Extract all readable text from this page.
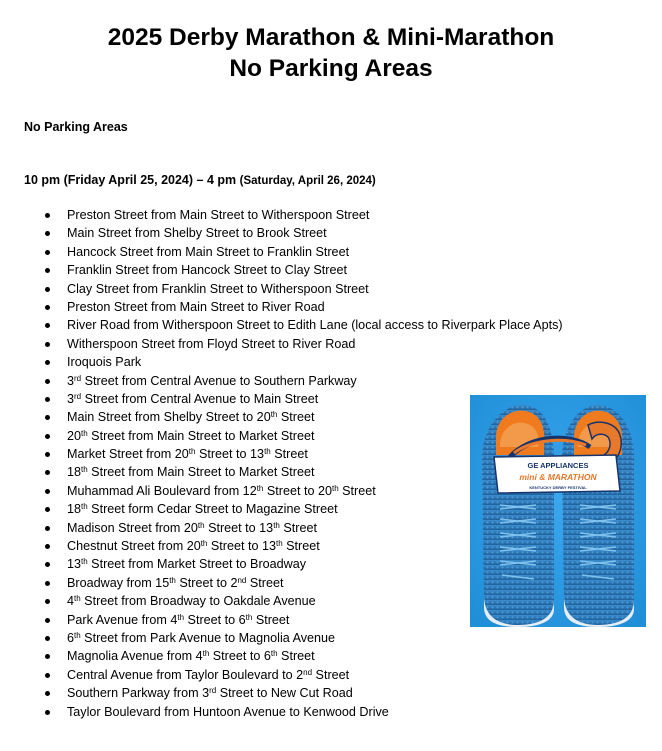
2025 Derby Marathon & Mini-Marathon
No Parking Areas
No Parking Areas
10 pm (Friday April 25, 2024) – 4 pm (Saturday, April 26, 2024)
Preston Street from Main Street to Witherspoon Street
Main Street from Shelby Street to Brook Street
Hancock Street from Main Street to Franklin Street
Franklin Street from Hancock Street to Clay Street
Clay Street from Franklin Street to Witherspoon Street
Preston Street from Main Street to River Road
River Road from Witherspoon Street to Edith Lane (local access to Riverpark Place Apts)
Witherspoon Street from Floyd Street to River Road
Iroquois Park
3rd Street from Central Avenue to Southern Parkway
3rd Street from Central Avenue to Main Street
Main Street from Shelby Street to 20th Street
20th Street from Main Street to Market Street
Market Street from 20th Street to 13th Street
18th Street from Main Street to Market Street
Muhammad Ali Boulevard from 12th Street to 20th Street
18th Street form Cedar Street to Magazine Street
Madison Street from 20th Street to 13th Street
Chestnut Street from 20th Street to 13th Street
13th Street from Market Street to Broadway
Broadway from 15th Street to 2nd Street
4th Street from Broadway to Oakdale Avenue
Park Avenue from 4th Street to 6th Street
6th Street from Park Avenue to Magnolia Avenue
Magnolia Avenue from 4th Street to 6th Street
Central Avenue from Taylor Boulevard to 2nd Street
Southern Parkway from 3rd Street to New Cut Road
Taylor Boulevard from Huntoon Avenue to Kenwood Drive
GE APPLIANCES
mini & MARATHON
KENTUCKY DERBY FESTIVAL
